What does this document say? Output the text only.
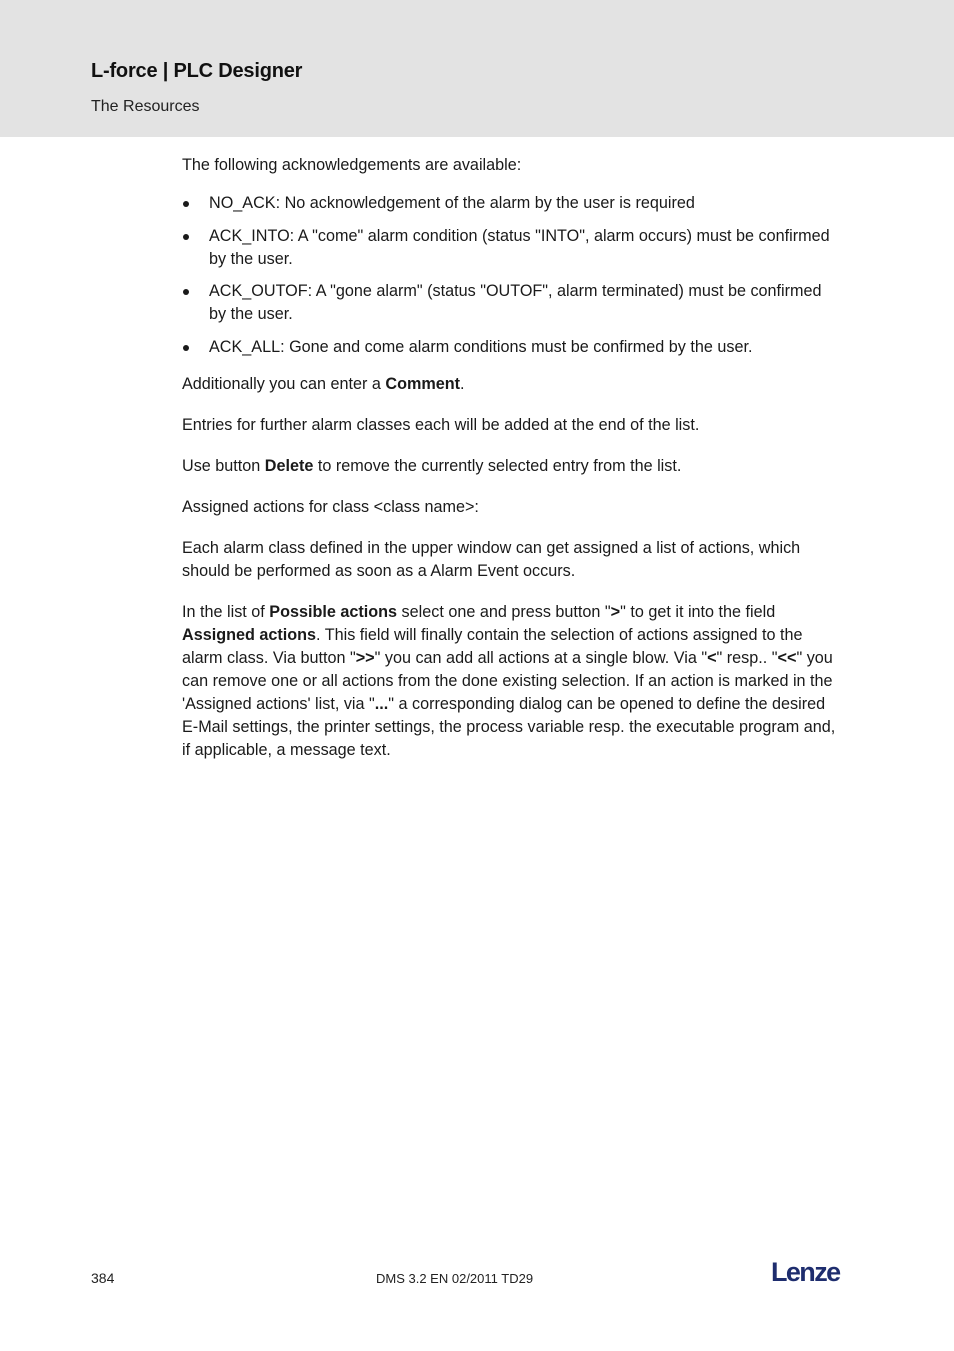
L-force | PLC Designer
The Resources

The following acknowledgements are available:

NO_ACK: No acknowledgement of the alarm by the user is required
ACK_INTO: A "come" alarm condition (status "INTO", alarm occurs) must be confirmed by the user.
ACK_OUTOF: A "gone alarm" (status "OUTOF", alarm terminated) must be confirmed by the user.
ACK_ALL: Gone and come alarm conditions must be confirmed by the user.

Additionally you can enter a Comment.

Entries for further alarm classes each will be added at the end of the list.

Use button Delete to remove the currently selected entry from the list.

Assigned actions for class <class name>:

Each alarm class defined in the upper window can get assigned a list of actions, which should be performed as soon as a Alarm Event occurs.

In the list of Possible actions select one and press button ">" to get it into the field Assigned actions. This field will finally contain the selection of actions assigned to the alarm class. Via button ">>" you can add all actions at a single blow. Via "<" resp.. "<<" you can remove one or all actions from the done existing selection. If an action is marked in the 'Assigned actions' list, via "..." a corresponding dialog can be opened to define the desired E-Mail settings, the printer settings, the process variable resp. the executable program and, if applicable, a message text.

384	DMS 3.2 EN 02/2011 TD29	Lenze
